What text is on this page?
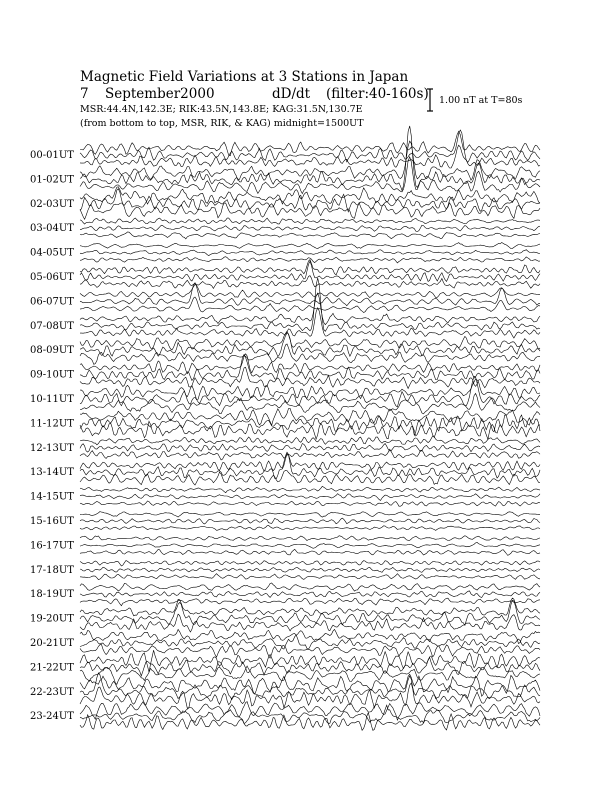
Magnetic Field Variations at 3 Stations in Japan
7 September2000	dD/dt (filter:40-160s)
MSR:44.4N,142.3E; RIK:43.5N,143.8E; KAG:31.5N,130.7E
(from bottom to top, MSR, RIK, & KAG) midnight=1500UT
1.00 nT at T=80s
00-01UT
01-02UT
02-03UT
03-04UT
04-05UT
05-06UT
06-07UT
07-08UT
08-09UT
09-10UT
10-11UT
11-12UT
12-13UT
13-14UT
14-15UT
15-16UT
16-17UT
17-18UT
18-19UT
19-20UT
20-21UT
21-22UT
22-23UT
23-24UT
